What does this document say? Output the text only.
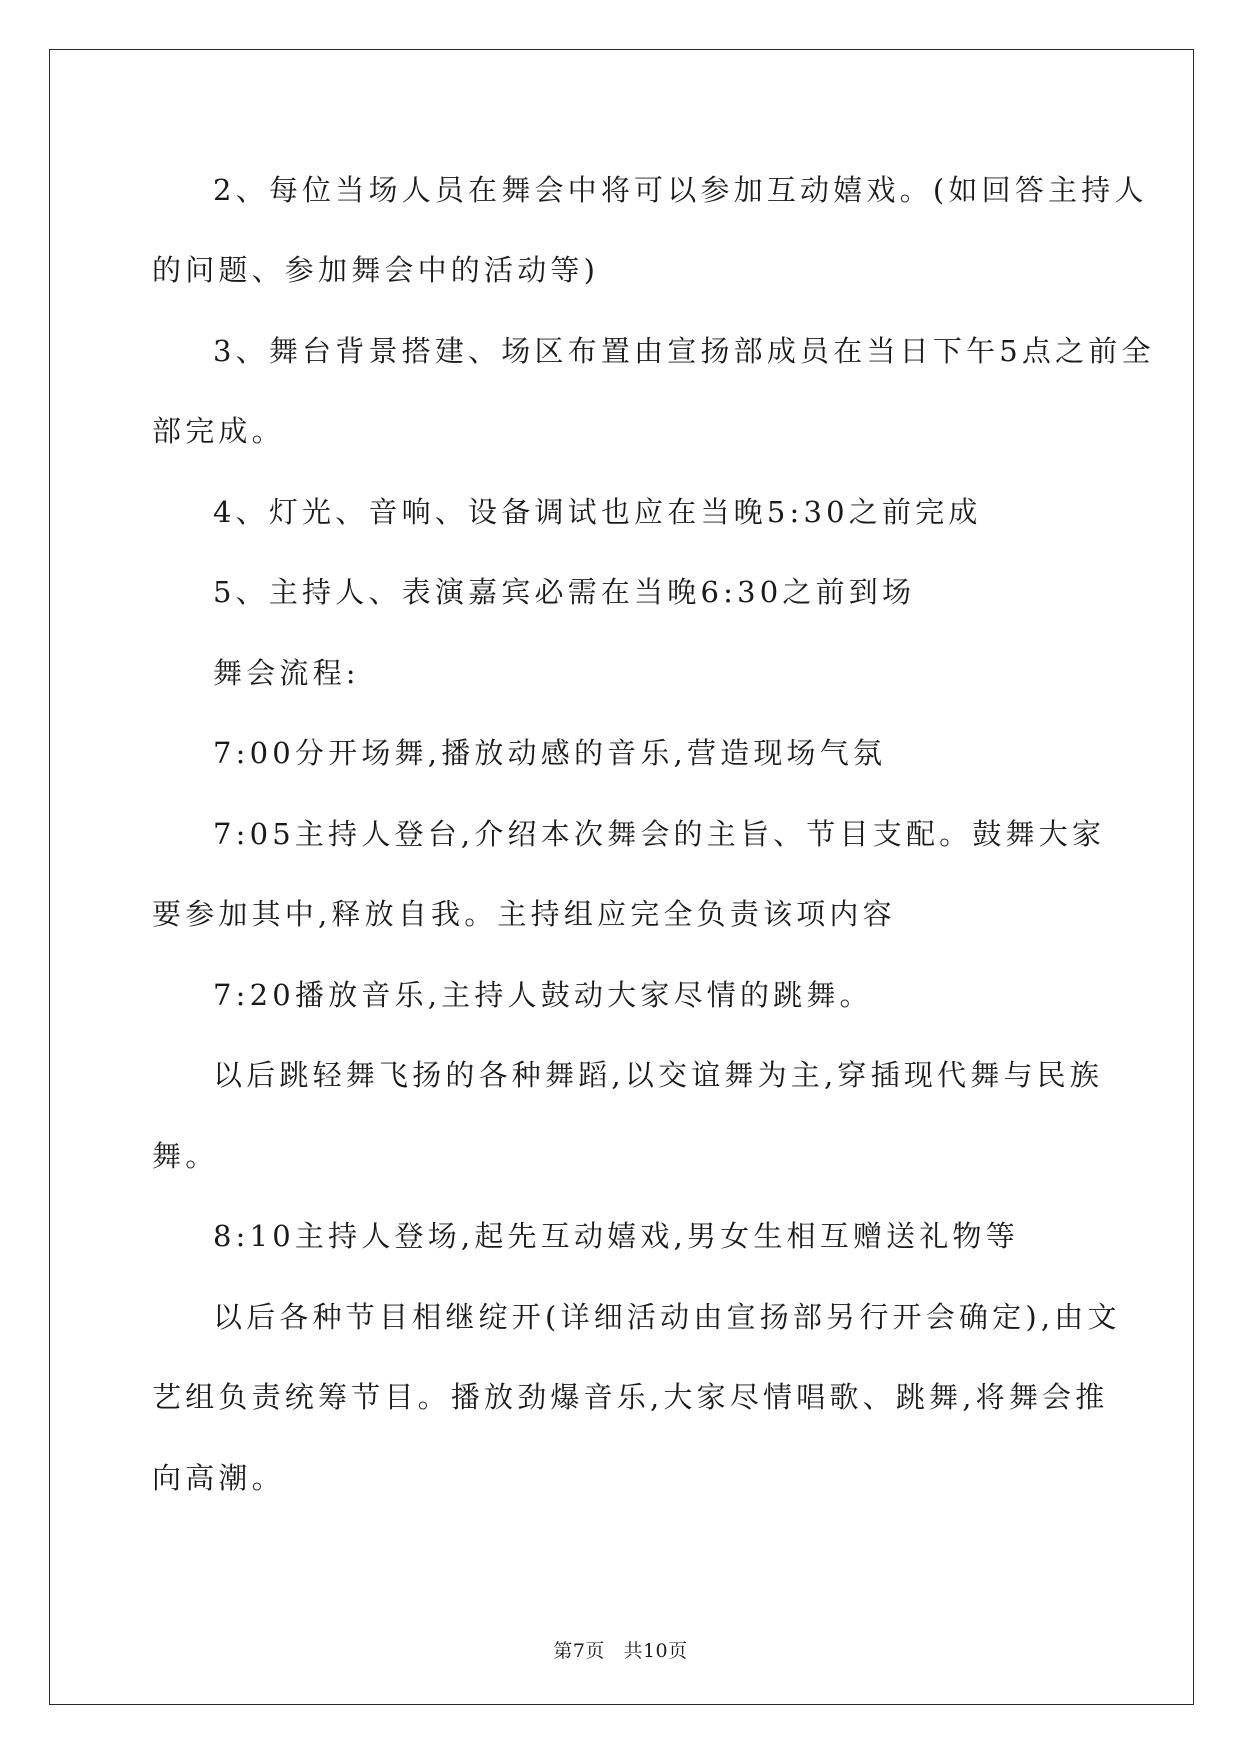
2、每位当场人员在舞会中将可以参加互动嬉戏。(如回答主持人
的问题、参加舞会中的活动等)
3、舞台背景搭建、场区布置由宣扬部成员在当日下午5点之前全
部完成。
4、灯光、音响、设备调试也应在当晚5:30之前完成
5、主持人、表演嘉宾必需在当晚6:30之前到场
舞会流程:
7:00分开场舞,播放动感的音乐,营造现场气氛
7:05主持人登台,介绍本次舞会的主旨、节目支配。鼓舞大家
要参加其中,释放自我。主持组应完全负责该项内容
7:20播放音乐,主持人鼓动大家尽情的跳舞。
以后跳轻舞飞扬的各种舞蹈,以交谊舞为主,穿插现代舞与民族
舞。
8:10主持人登场,起先互动嬉戏,男女生相互赠送礼物等
以后各种节目相继绽开(详细活动由宣扬部另行开会确定),由文
艺组负责统筹节目。播放劲爆音乐,大家尽情唱歌、跳舞,将舞会推
向高潮。
第7页 共10页
